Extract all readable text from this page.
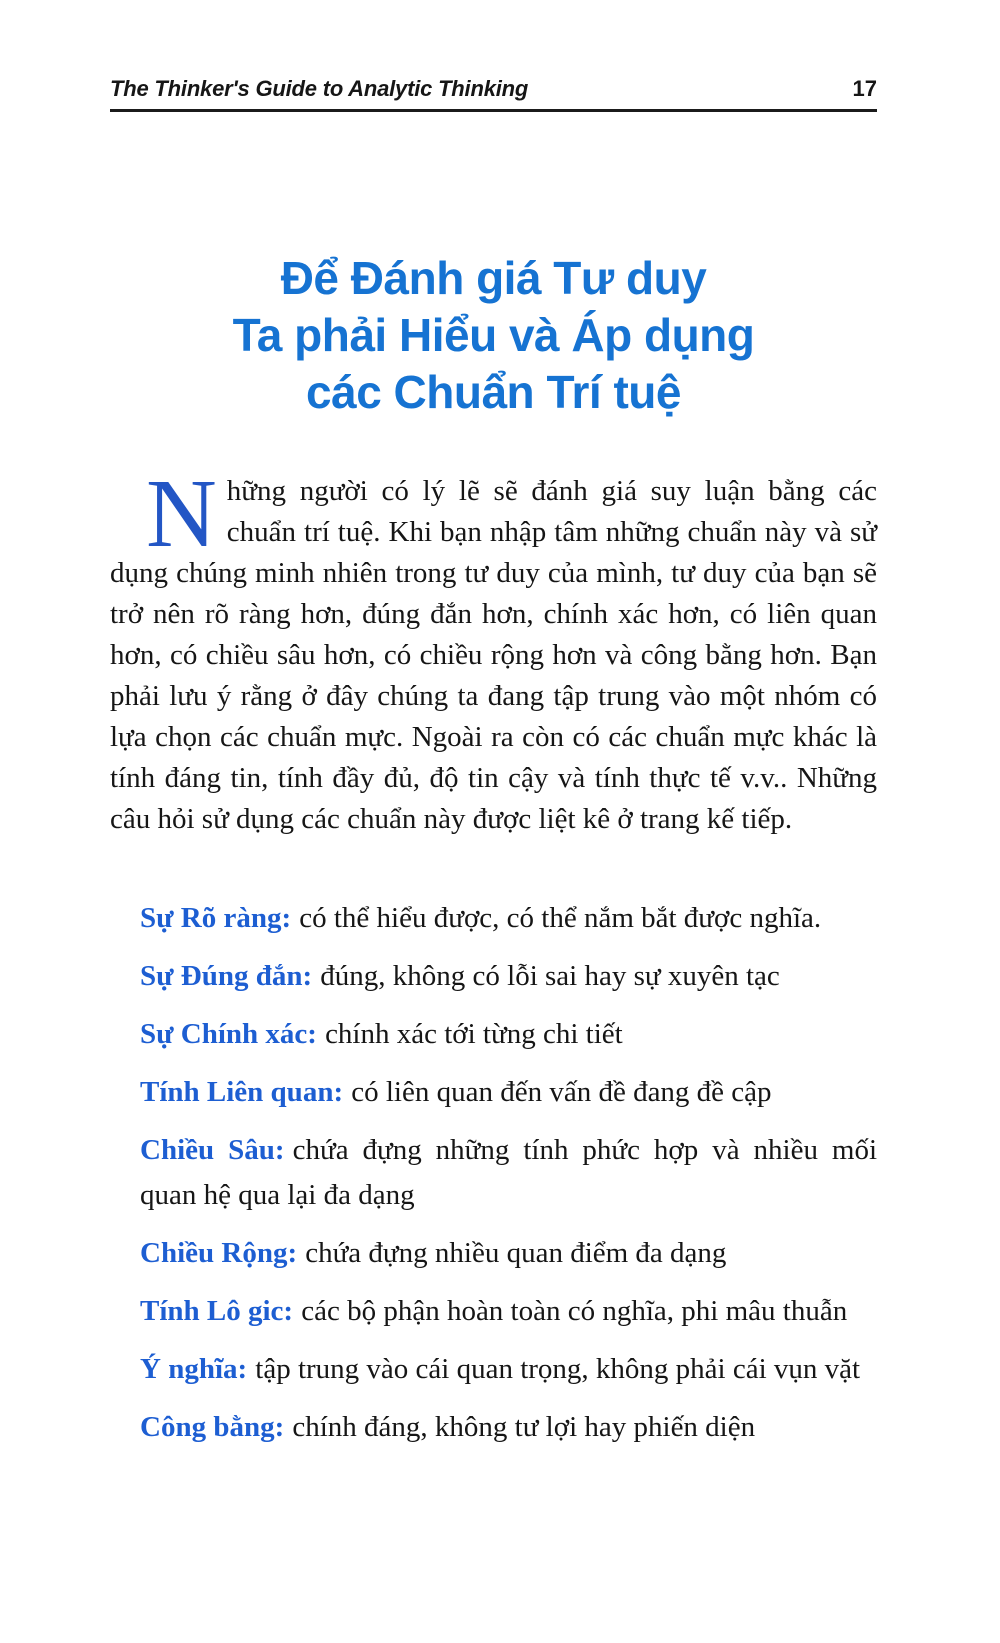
The Thinker's Guide to Analytic Thinking	17
Để Đánh giá Tư duy
Ta phải Hiểu và Áp dụng
các Chuẩn Trí tuệ

Những người có lý lẽ sẽ đánh giá suy luận bằng các chuẩn trí tuệ. Khi bạn nhập tâm những chuẩn này và sử dụng chúng minh nhiên trong tư duy của mình, tư duy của bạn sẽ trở nên rõ ràng hơn, đúng đắn hơn, chính xác hơn, có liên quan hơn, có chiều sâu hơn, có chiều rộng hơn và công bằng hơn. Bạn phải lưu ý rằng ở đây chúng ta đang tập trung vào một nhóm có lựa chọn các chuẩn mực. Ngoài ra còn có các chuẩn mực khác là tính đáng tin, tính đầy đủ, độ tin cậy và tính thực tế v.v.. Những câu hỏi sử dụng các chuẩn này được liệt kê ở trang kế tiếp.

Sự Rõ ràng: có thể hiểu được, có thể nắm bắt được nghĩa.
Sự Đúng đắn: đúng, không có lỗi sai hay sự xuyên tạc
Sự Chính xác: chính xác tới từng chi tiết
Tính Liên quan: có liên quan đến vấn đề đang đề cập
Chiều Sâu: chứa đựng những tính phức hợp và nhiều mối quan hệ qua lại đa dạng
Chiều Rộng: chứa đựng nhiều quan điểm đa dạng
Tính Lô gic: các bộ phận hoàn toàn có nghĩa, phi mâu thuẫn
Ý nghĩa: tập trung vào cái quan trọng, không phải cái vụn vặt
Công bằng: chính đáng, không tư lợi hay phiến diện
